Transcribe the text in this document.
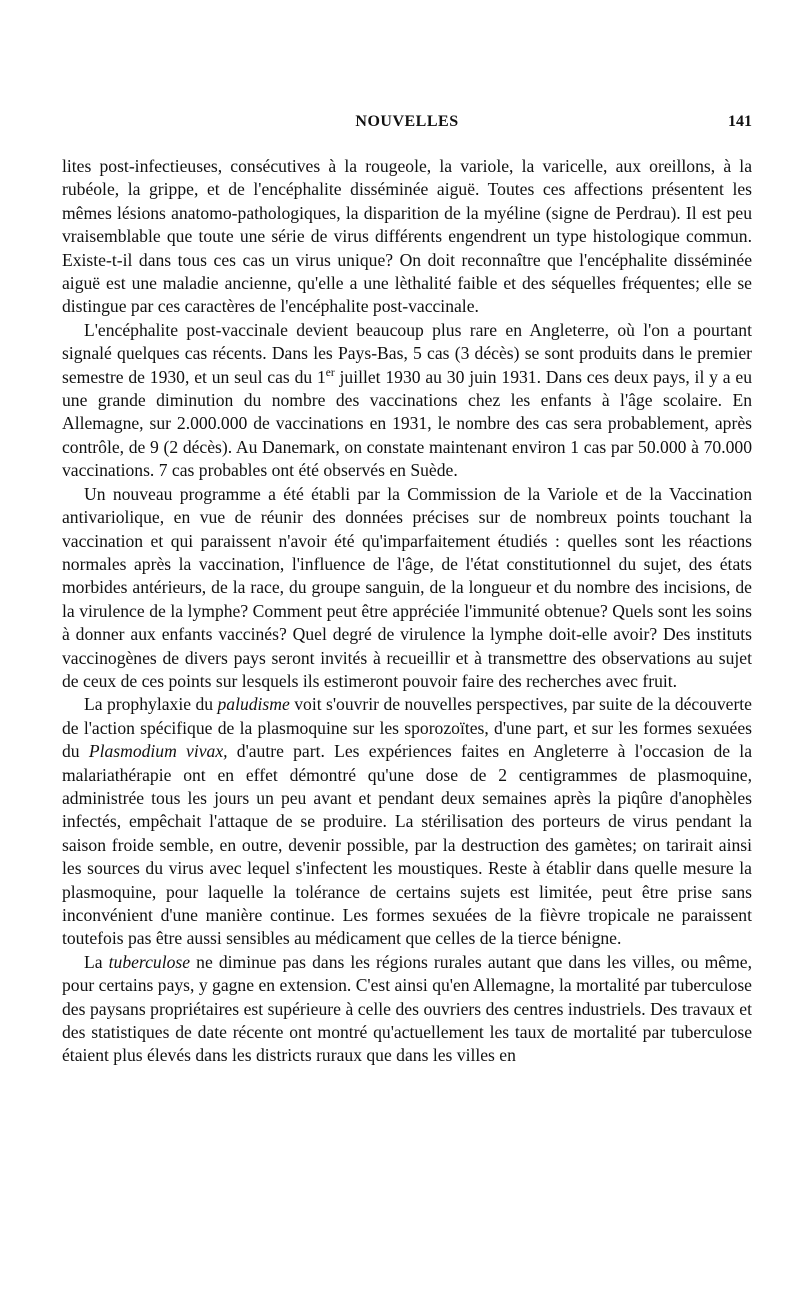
NOUVELLES	141

lites post-infectieuses, consécutives à la rougeole, la variole, la varicelle, aux oreillons, à la rubéole, la grippe, et de l'encéphalite disséminée aiguë. Toutes ces affections présentent les mêmes lésions anatomo-pathologiques, la disparition de la myéline (signe de Perdrau). Il est peu vraisemblable que toute une série de virus différents engendrent un type histologique commun. Existe-t-il dans tous ces cas un virus unique? On doit reconnaître que l'encéphalite disséminée aiguë est une maladie ancienne, qu'elle a une lèthalité faible et des séquelles fréquentes; elle se distingue par ces caractères de l'encéphalite post-vaccinale.

L'encéphalite post-vaccinale devient beaucoup plus rare en Angleterre, où l'on a pourtant signalé quelques cas récents. Dans les Pays-Bas, 5 cas (3 décès) se sont produits dans le premier semestre de 1930, et un seul cas du 1er juillet 1930 au 30 juin 1931. Dans ces deux pays, il y a eu une grande diminution du nombre des vaccinations chez les enfants à l'âge scolaire. En Allemagne, sur 2.000.000 de vaccinations en 1931, le nombre des cas sera probablement, après contrôle, de 9 (2 décès). Au Danemark, on constate maintenant environ 1 cas par 50.000 à 70.000 vaccinations. 7 cas probables ont été observés en Suède.

Un nouveau programme a été établi par la Commission de la Variole et de la Vaccination antivariolique, en vue de réunir des données précises sur de nombreux points touchant la vaccination et qui paraissent n'avoir été qu'imparfaitement étudiés : quelles sont les réactions normales après la vaccination, l'influence de l'âge, de l'état constitutionnel du sujet, des états morbides antérieurs, de la race, du groupe sanguin, de la longueur et du nombre des incisions, de la virulence de la lymphe? Comment peut être appréciée l'immunité obtenue? Quels sont les soins à donner aux enfants vaccinés? Quel degré de virulence la lymphe doit-elle avoir? Des instituts vaccinogènes de divers pays seront invités à recueillir et à transmettre des observations au sujet de ceux de ces points sur lesquels ils estimeront pouvoir faire des recherches avec fruit.

La prophylaxie du paludisme voit s'ouvrir de nouvelles perspectives, par suite de la découverte de l'action spécifique de la plasmoquine sur les sporozoïtes, d'une part, et sur les formes sexuées du Plasmodium vivax, d'autre part. Les expériences faites en Angleterre à l'occasion de la malariathérapie ont en effet démontré qu'une dose de 2 centigrammes de plasmoquine, administrée tous les jours un peu avant et pendant deux semaines après la piqûre d'anophèles infectés, empêchait l'attaque de se produire. La stérilisation des porteurs de virus pendant la saison froide semble, en outre, devenir possible, par la destruction des gamètes; on tarirait ainsi les sources du virus avec lequel s'infectent les moustiques. Reste à établir dans quelle mesure la plasmoquine, pour laquelle la tolérance de certains sujets est limitée, peut être prise sans inconvénient d'une manière continue. Les formes sexuées de la fièvre tropicale ne paraissent toutefois pas être aussi sensibles au médicament que celles de la tierce bénigne.

La tuberculose ne diminue pas dans les régions rurales autant que dans les villes, ou même, pour certains pays, y gagne en extension. C'est ainsi qu'en Allemagne, la mortalité par tuberculose des paysans propriétaires est supérieure à celle des ouvriers des centres industriels. Des travaux et des statistiques de date récente ont montré qu'actuellement les taux de mortalité par tuberculose étaient plus élevés dans les districts ruraux que dans les villes en
